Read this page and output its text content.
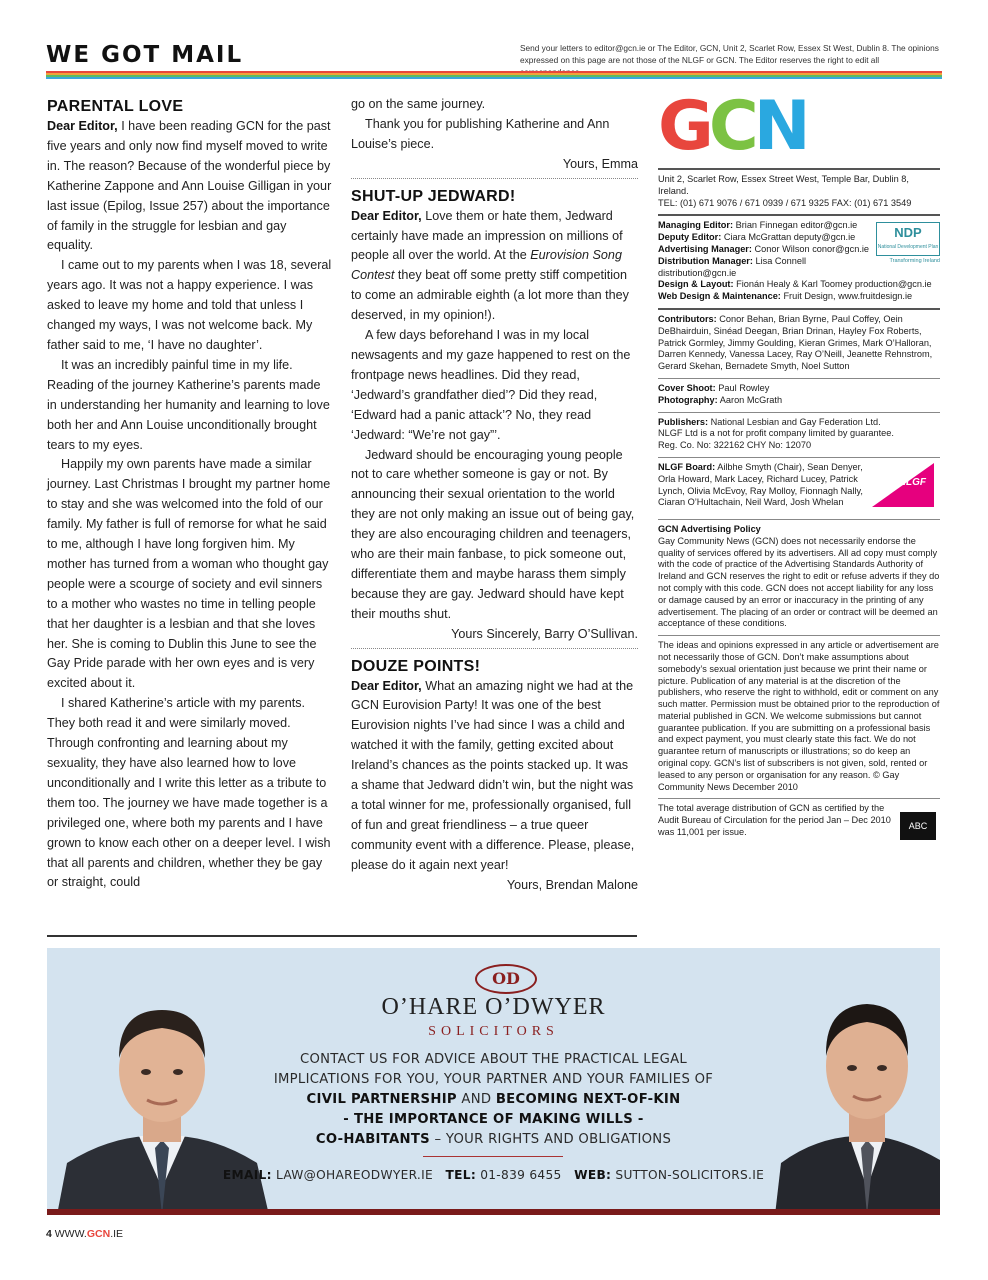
WE GOT MAIL	Send your letters to editor@gcn.ie or The Editor, GCN, Unit 2, Scarlet Row, Essex St West, Dublin 8. The opinions expressed on this page are not those of the NLGF or GCN. The Editor reserves the right to edit all
PARENTAL LOVE

Dear Editor, I have been reading GCN for the past five years and only now find myself moved to write in. The reason? Because of the wonderful piece by Katherine Zappone and Ann Louise Gilligan in your last issue (Epilog, Issue 257) about the importance of family in the struggle for lesbian and gay equality.

I came out to my parents when I was 18, several years ago. It was not a happy experience. I was asked to leave my home and told that unless I changed my ways, I was not welcome back. My father said to me, ‘I have no daughter’.

It was an incredibly painful time in my life. Reading of the journey Katherine’s parents made in understanding her humanity and learning to love both her and Ann Louise unconditionally brought tears to my eyes.

Happily my own parents have made a similar journey. Last Christmas I brought my partner home to stay and she was welcomed into the fold of our family. My father is full of remorse for what he said to me, although I have long forgiven him. My mother has turned from a woman who thought gay people were a scourge of society and evil sinners to a mother who wastes no time in telling people that her daughter is a lesbian and that she loves her. She is coming to Dublin this June to see the Gay Pride parade with her own eyes and is very excited about it.

I shared Katherine’s article with my parents. They both read it and were similarly moved. Through confronting and learning about my sexuality, they have also learned how to love unconditionally and I write this letter as a tribute to them too. The journey we have made together is a privileged one, where both my parents and I have grown to know each other on a deeper level. I wish that all parents and children, whether they be gay or straight, could

go on the same journey.

Thank you for publishing Katherine and Ann Louise’s piece.

Yours, Emma

SHUT-UP JEDWARD!

Dear Editor, Love them or hate them, Jedward certainly have made an impression on millions of people all over the world. At the Eurovision Song Contest they beat off some pretty stiff competition to come an admirable eighth (a lot more than they deserved, in my opinion!).

A few days beforehand I was in my local newsagents and my gaze happened to rest on the frontpage news headlines. Did they read, ‘Jedward’s grandfather died’? Did they read, ‘Edward had a panic attack’? No, they read ‘Jedward: “We’re not gay”’.

Jedward should be encouraging young people not to care whether someone is gay or not. By announcing their sexual orientation to the world they are not only making an issue out of being gay, they are also encouraging children and teenagers, who are their main fanbase, to pick someone out, differentiate them and maybe harass them simply because they are gay. Jedward should have kept their mouths shut.

Yours Sincerely, Barry O’Sullivan.

DOUZE POINTS!

Dear Editor, What an amazing night we had at the GCN Eurovision Party! It was one of the best Eurovision nights I’ve had since I was a child and watched it with the family, getting excited about Ireland’s chances as the points stacked up. It was a shame that Jedward didn’t win, but the night was a total winner for me, professionally organised, full of fun and great friendliness – a true queer community event with a difference. Please, please, please do it again next year!

Yours, Brendan Malone

GCN
Unit 2, Scarlet Row, Essex Street West, Temple Bar, Dublin 8, Ireland.
TEL: (01) 671 9076 / 671 0939 / 671 9325 FAX: (01) 671 3549
Managing Editor: Brian Finnegan editor@gcn.ie
Deputy Editor: Ciara McGrattan deputy@gcn.ie
Advertising Manager: Conor Wilson conor@gcn.ie
Distribution Manager: Lisa Connell distribution@gcn.ie
Design & Layout: Fionán Healy & Karl Toomey production@gcn.ie
Web Design & Maintenance: Fruit Design, www.fruitdesign.ie
NDP
National Development Plan
Transforming Ireland
Contributors: Conor Behan, Brian Byrne, Paul Coffey, Oein DeBhairduin, Sinéad Deegan, Brian Drinan, Hayley Fox Roberts, Patrick Gormley, Jimmy Goulding, Kieran Grimes, Mark O’Halloran, Darren Kennedy, Vanessa Lacey, Ray O’Neill, Jeanette Rehnstrom, Gerard Skehan, Bernadete Smyth, Noel Sutton
Cover Shoot: Paul Rowley
Photography: Aaron McGrath
Publishers: National Lesbian and Gay Federation Ltd.
NLGF Ltd is a not for profit company limited by guarantee.
Reg. Co. No: 322162 CHY No: 12070
NLGF Board: Ailbhe Smyth (Chair), Sean Denyer, Orla Howard, Mark Lacey, Richard Lucey, Patrick Lynch, Olivia McEvoy, Ray Molloy, Fionnagh Nally, Ciaran O’Hultachain, Neil Ward, Josh Whelan
NLGF
GCN Advertising Policy
Gay Community News (GCN) does not necessarily endorse the quality of services offered by its advertisers. All ad copy must comply with the code of practice of the Advertising Standards Authority of Ireland and GCN reserves the right to edit or refuse adverts if they do not comply with this code. GCN does not accept liability for any loss or damage caused by an error or inaccuracy in the printing of any advertisement. The placing of an order or contract will be deemed an acceptance of these conditions.
The ideas and opinions expressed in any article or advertisement are not necessarily those of GCN. Don’t make assumptions about somebody’s sexual orientation just because we print their name or picture. Publication of any material is at the discretion of the publishers, who reserve the right to withhold, edit or comment on any such matter. Permission must be obtained prior to the reproduction of material published in GCN. We welcome submissions but cannot guarantee publication. If you are submitting on a professional basis and expect payment, you must clearly state this fact. We do not guarantee return of manuscripts or illustrations; so do keep an original copy. GCN’s list of subscribers is not given, sold, rented or leased to any person or organisation for any reason. © Gay Community News December 2010
The total average distribution of GCN as certified by the Audit Bureau of Circulation for the period Jan – Dec 2010 was 11,001 per issue.
ABC
OD
O’HARE O’DWYER
SOLICITORS
CONTACT US FOR ADVICE ABOUT THE PRACTICAL LEGAL
IMPLICATIONS FOR YOU, YOUR PARTNER AND YOUR FAMILIES OF
CIVIL PARTNERSHIP AND BECOMING NEXT-OF-KIN
- THE IMPORTANCE OF MAKING WILLS -
CO-HABITANTS – YOUR RIGHTS AND OBLIGATIONS
EMAIL: LAW@OHAREODWYER.IE TEL: 01-839 6455 WEB: SUTTON-SOLICITORS.IE
4 WWW.GCN.IE
